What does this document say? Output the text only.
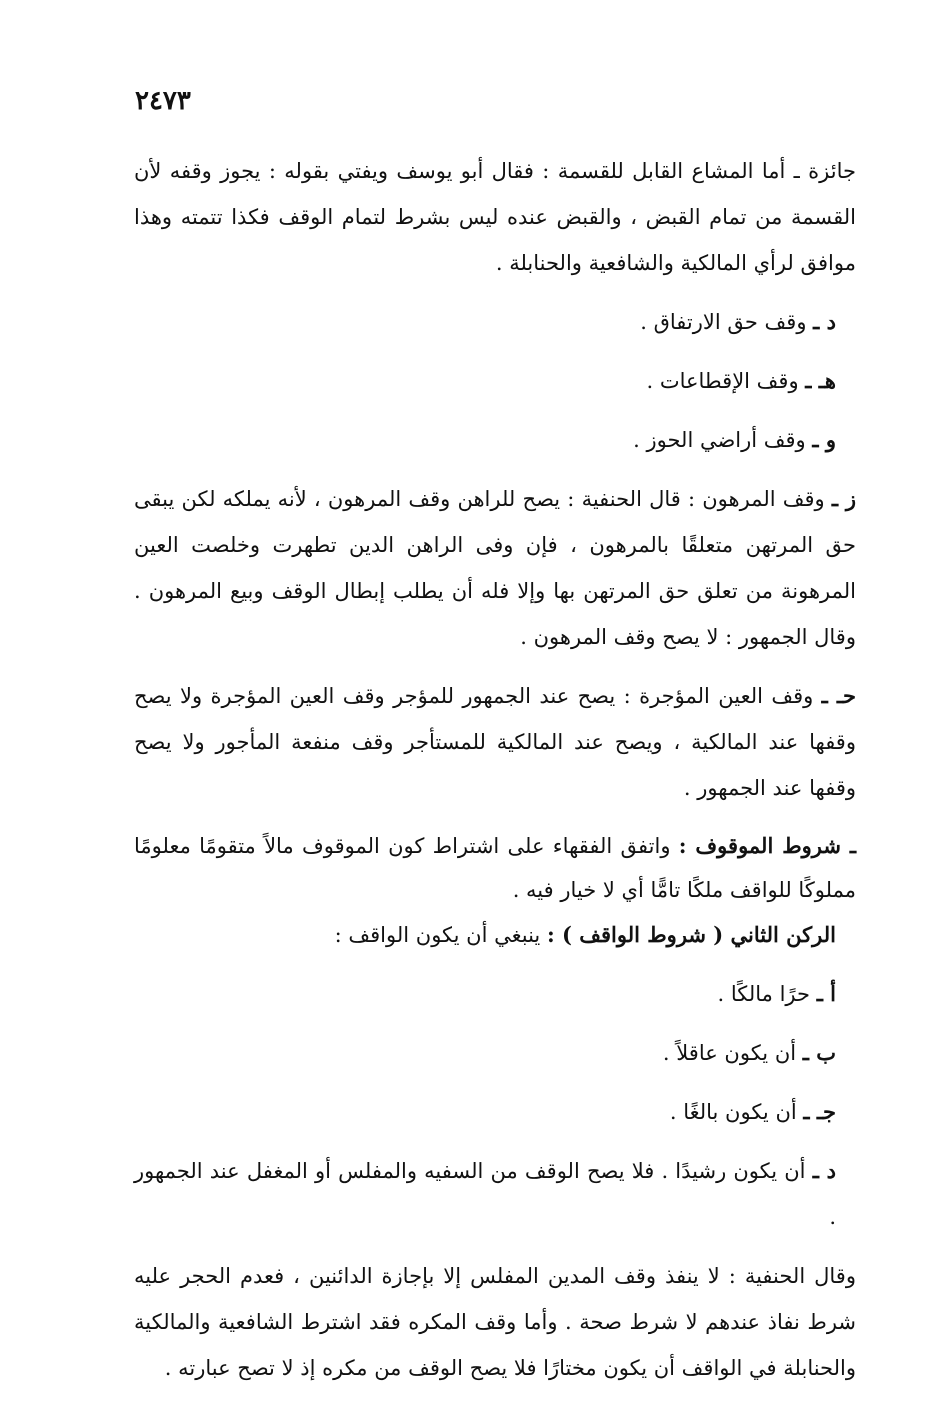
٢٤٧٣

جائزة ـ أما المشاع القابل للقسمة : فقال أبو يوسف ويفتي بقوله : يجوز وقفه لأن القسمة من تمام القبض ، والقبض عنده ليس بشرط لتمام الوقف فكذا تتمته وهذا موافق لرأي المالكية والشافعية والحنابلة .

د ـ وقف حق الارتفاق .

هـ ـ وقف الإقطاعات .

و ـ وقف أراضي الحوز .

ز ـ وقف المرهون : قال الحنفية : يصح للراهن وقف المرهون ، لأنه يملكه لكن يبقى حق المرتهن متعلقًا بالمرهون ، فإن وفى الراهن الدين تطهرت وخلصت العين المرهونة من تعلق حق المرتهن بها وإلا فله أن يطلب إبطال الوقف وبيع المرهون . وقال الجمهور : لا يصح وقف المرهون .

حـ ـ وقف العين المؤجرة : يصح عند الجمهور للمؤجر وقف العين المؤجرة ولا يصح وقفها عند المالكية ، ويصح عند المالكية للمستأجر وقف منفعة المأجور ولا يصح وقفها عند الجمهور .

ـ شروط الموقوف : واتفق الفقهاء على اشتراط كون الموقوف مالاً متقومًا معلومًا مملوكًا للواقف ملكًا تامًّا أي لا خيار فيه .

الركن الثاني ( شروط الواقف ) : ينبغي أن يكون الواقف :

أ ـ حرًا مالكًا .

ب ـ أن يكون عاقلاً .

جـ ـ أن يكون بالغًا .

د ـ أن يكون رشيدًا . فلا يصح الوقف من السفيه والمفلس أو المغفل عند الجمهور .

وقال الحنفية : لا ينفذ وقف المدين المفلس إلا بإجازة الدائنين ، فعدم الحجر عليه شرط نفاذ عندهم لا شرط صحة . وأما وقف المكره فقد اشترط الشافعية والمالكية والحنابلة في الواقف أن يكون مختارًا فلا يصح الوقف من مكره إذ لا تصح عبارته .
